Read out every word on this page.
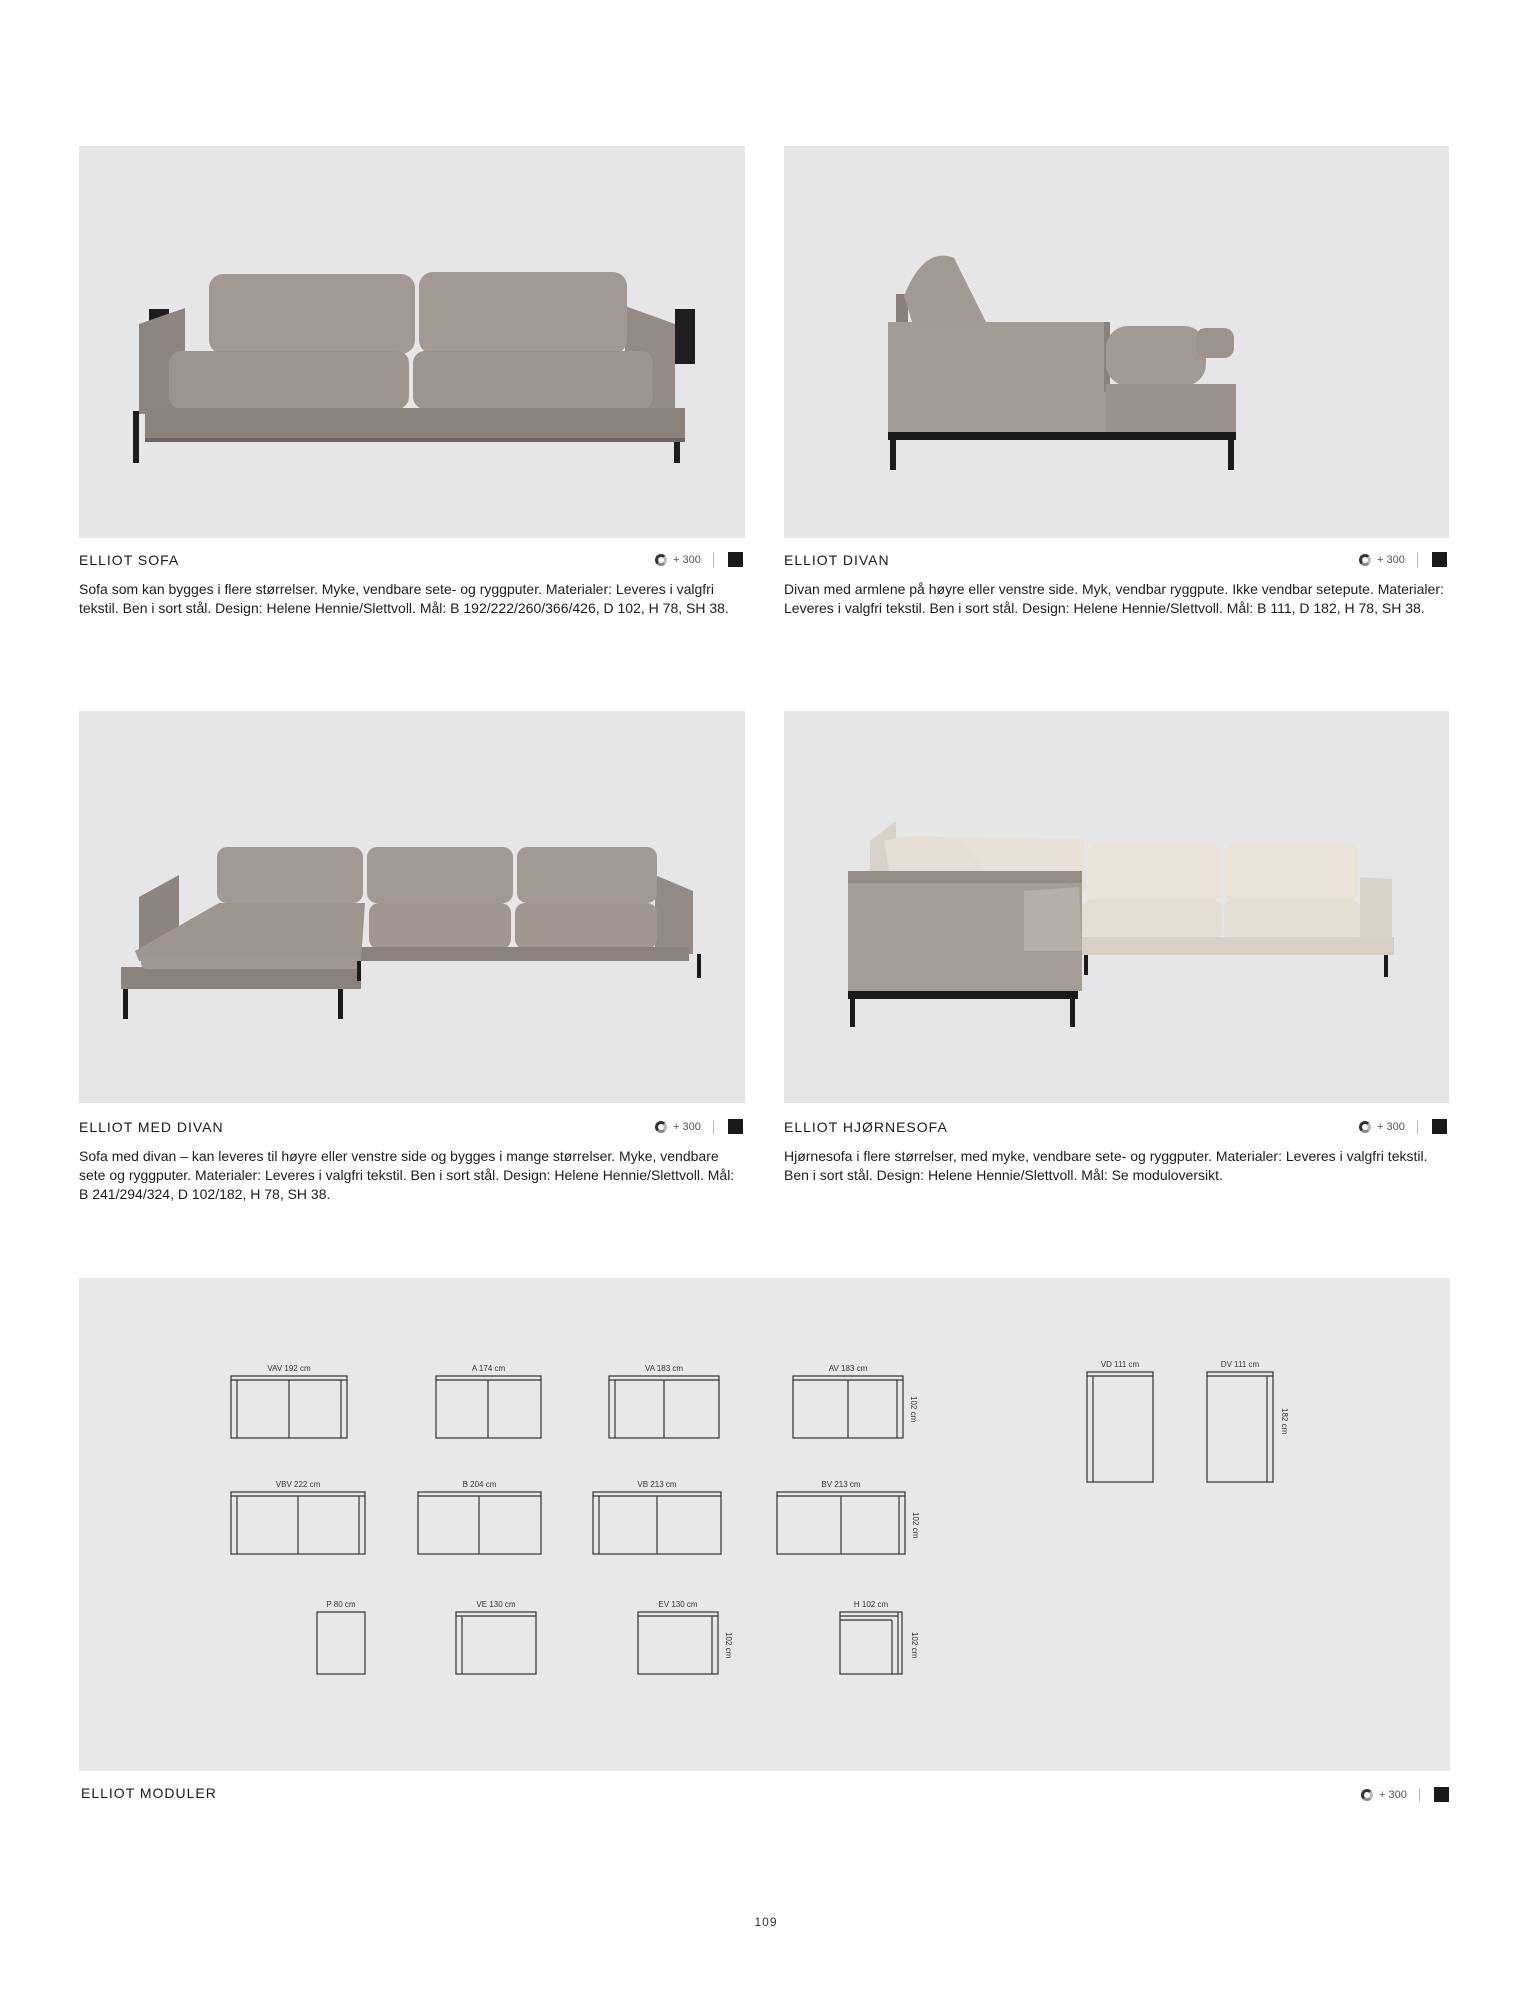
ELLIOT SOFA	+ 300
Sofa som kan bygges i flere størrelser. Myke, vendbare sete- og ryggputer. Materialer: Leveres i valgfri tekstil. Ben i sort stål. Design: Helene Hennie/Slettvoll. Mål: B 192/222/260/366/426, D 102, H 78, SH 38.
ELLIOT DIVAN	+ 300
Divan med armlene på høyre eller venstre side. Myk, vendbar ryggpute. Ikke vendbar setepute. Materialer: Leveres i valgfri tekstil. Ben i sort stål. Design: Helene Hennie/Slettvoll. Mål: B 111, D 182, H 78, SH 38.
ELLIOT MED DIVAN	+ 300
Sofa med divan – kan leveres til høyre eller venstre side og bygges i mange størrelser. Myke, vendbare sete og ryggputer. Materialer: Leveres i valgfri tekstil. Ben i sort stål. Design: Helene Hennie/Slettvoll. Mål: B 241/294/324, D 102/182, H 78, SH 38.
ELLIOT HJØRNESOFA	+ 300
Hjørnesofa i flere størrelser, med myke, vendbare sete- og ryggputer. Materialer: Leveres i valgfri tekstil. Ben i sort stål. Design: Helene Hennie/Slettvoll. Mål: Se moduloversikt.
VAV 192 cm	A 174 cm	VA 183 cm	AV 183 cm
102 cm
VBV 222 cm	B 204 cm	VB 213 cm	BV 213 cm
102 cm
P 80 cm	VE 130 cm	EV 130 cm
102 cm
H 102 cm
102 cm
VD 111 cm	DV 111 cm
182 cm
ELLIOT MODULER	+ 300
109
